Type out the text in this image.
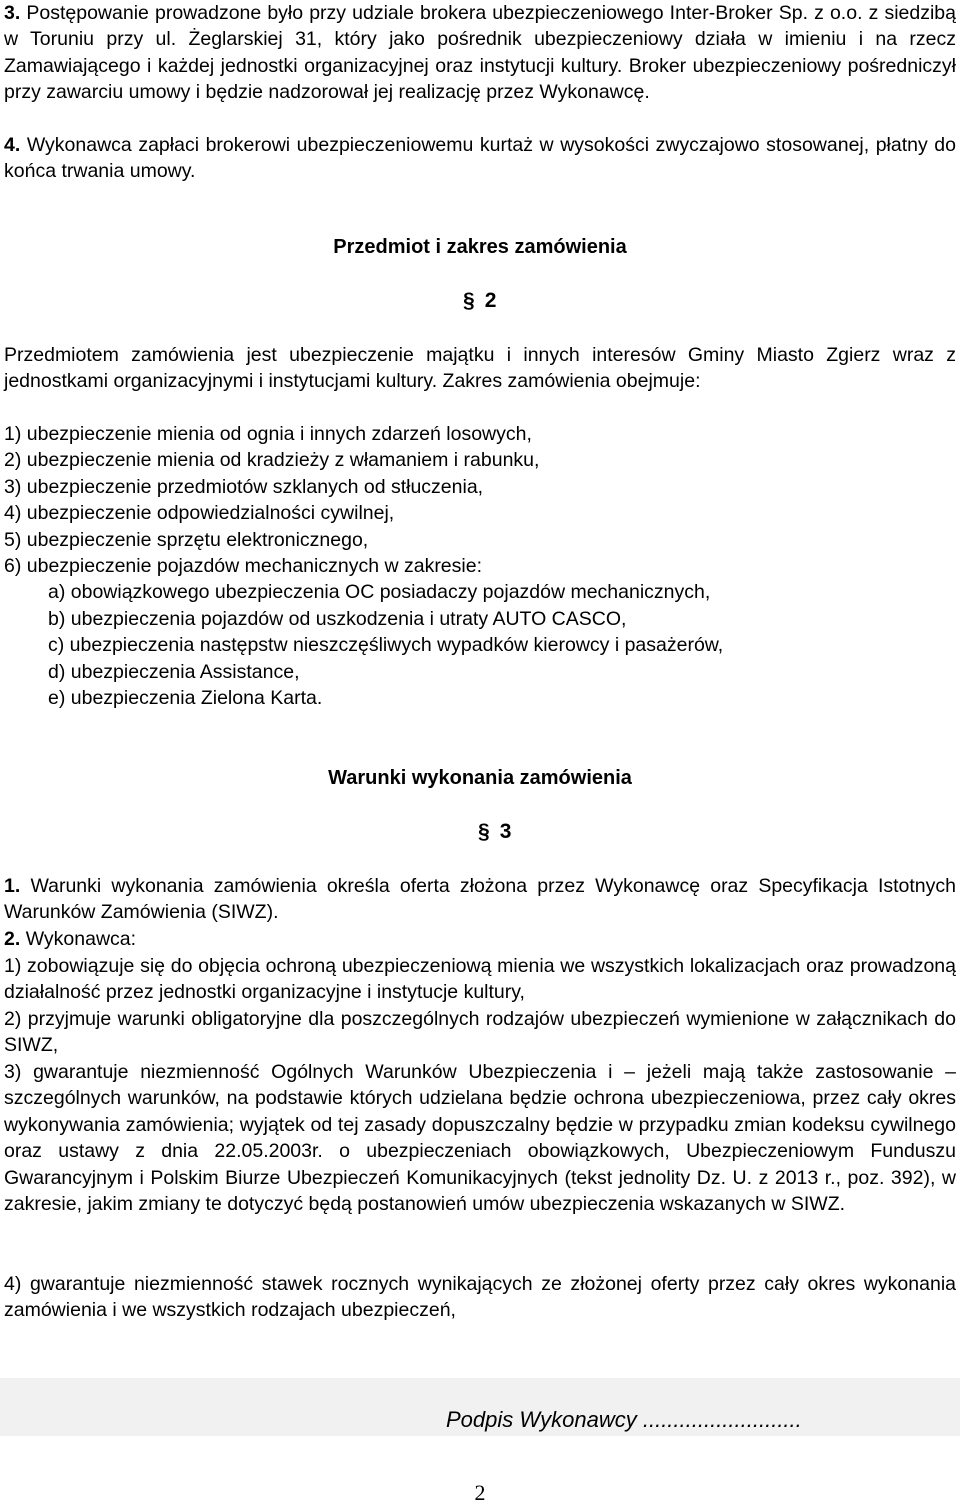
3. Postępowanie prowadzone było przy udziale brokera ubezpieczeniowego Inter-Broker Sp. z o.o. z siedzibą w Toruniu przy ul. Żeglarskiej 31, który jako pośrednik ubezpieczeniowy działa w imieniu i na rzecz Zamawiającego i każdej jednostki organizacyjnej oraz instytucji kultury. Broker ubezpieczeniowy pośredniczył przy zawarciu umowy i będzie nadzorował jej realizację przez Wykonawcę.
4. Wykonawca zapłaci brokerowi ubezpieczeniowemu kurtaż w wysokości zwyczajowo stosowanej, płatny do końca trwania umowy.
Przedmiot i zakres zamówienia
§ 2
Przedmiotem zamówienia jest ubezpieczenie majątku i innych interesów Gminy Miasto Zgierz wraz z jednostkami organizacyjnymi i instytucjami kultury. Zakres zamówienia obejmuje:
1) ubezpieczenie mienia od ognia i innych zdarzeń losowych,
2) ubezpieczenie mienia od kradzieży z włamaniem i rabunku,
3) ubezpieczenie przedmiotów szklanych od stłuczenia,
4) ubezpieczenie odpowiedzialności cywilnej,
5) ubezpieczenie sprzętu elektronicznego,
6) ubezpieczenie pojazdów mechanicznych w zakresie:
a) obowiązkowego ubezpieczenia OC posiadaczy pojazdów mechanicznych,
b) ubezpieczenia pojazdów od uszkodzenia i utraty AUTO CASCO,
c) ubezpieczenia następstw nieszczęśliwych wypadków kierowcy i pasażerów,
d) ubezpieczenia Assistance,
e) ubezpieczenia Zielona Karta.
Warunki wykonania zamówienia
§ 3
1. Warunki wykonania zamówienia określa oferta złożona przez Wykonawcę oraz Specyfikacja Istotnych Warunków Zamówienia (SIWZ).
2. Wykonawca:
1) zobowiązuje się do objęcia ochroną ubezpieczeniową mienia we wszystkich lokalizacjach oraz prowadzoną działalność przez jednostki organizacyjne i instytucje kultury,
2) przyjmuje warunki obligatoryjne dla poszczególnych rodzajów ubezpieczeń wymienione w załącznikach do SIWZ,
3) gwarantuje niezmienność Ogólnych Warunków Ubezpieczenia i – jeżeli mają także zastosowanie – szczególnych warunków, na podstawie których udzielana będzie ochrona ubezpieczeniowa, przez cały okres wykonywania zamówienia; wyjątek od tej zasady dopuszczalny będzie w przypadku zmian kodeksu cywilnego oraz ustawy z dnia 22.05.2003r. o ubezpieczeniach obowiązkowych, Ubezpieczeniowym Funduszu Gwarancyjnym i Polskim Biurze Ubezpieczeń Komunikacyjnych (tekst jednolity Dz. U. z 2013 r., poz. 392), w zakresie, jakim zmiany te dotyczyć będą postanowień umów ubezpieczenia wskazanych w SIWZ.
4) gwarantuje niezmienność stawek rocznych wynikających ze złożonej oferty przez cały okres wykonania zamówienia i we wszystkich rodzajach ubezpieczeń,
Podpis Wykonawcy ..........................
2
